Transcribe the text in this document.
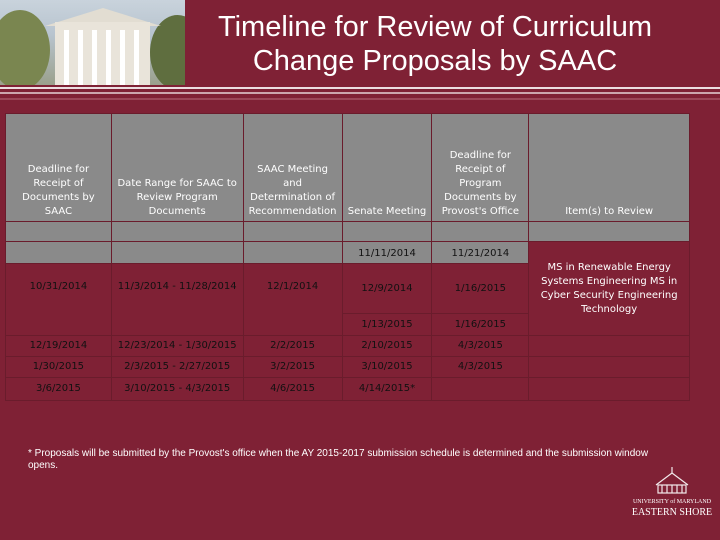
Timeline for Review of Curriculum Change Proposals by SAAC
Deadline for Receipt of Documents by SAAC	Date Range for SAAC to Review Program Documents	SAAC Meeting and Determination of Recommendation	Senate Meeting	Deadline for Receipt of Program Documents by Provost's Office	Item(s) to Review

			11/11/2014	11/21/2014	MS in Renewable Energy Systems Engineering MS in Cyber Security Engineering Technology
10/31/2014	11/3/2014 - 11/28/2014	12/1/2014	12/9/2014	1/16/2015	
			1/13/2015	1/16/2015	
12/19/2014	12/23/2014 - 1/30/2015	2/2/2015	2/10/2015	4/3/2015	
1/30/2015	2/3/2015 - 2/27/2015	3/2/2015	3/10/2015	4/3/2015	
3/6/2015	3/10/2015 - 4/3/2015	4/6/2015	4/14/2015*		
* Proposals will be submitted by the Provost's office when the AY 2015-2017 submission schedule is determined and the submission window opens.
UNIVERSITY of MARYLAND
EASTERN SHORE
